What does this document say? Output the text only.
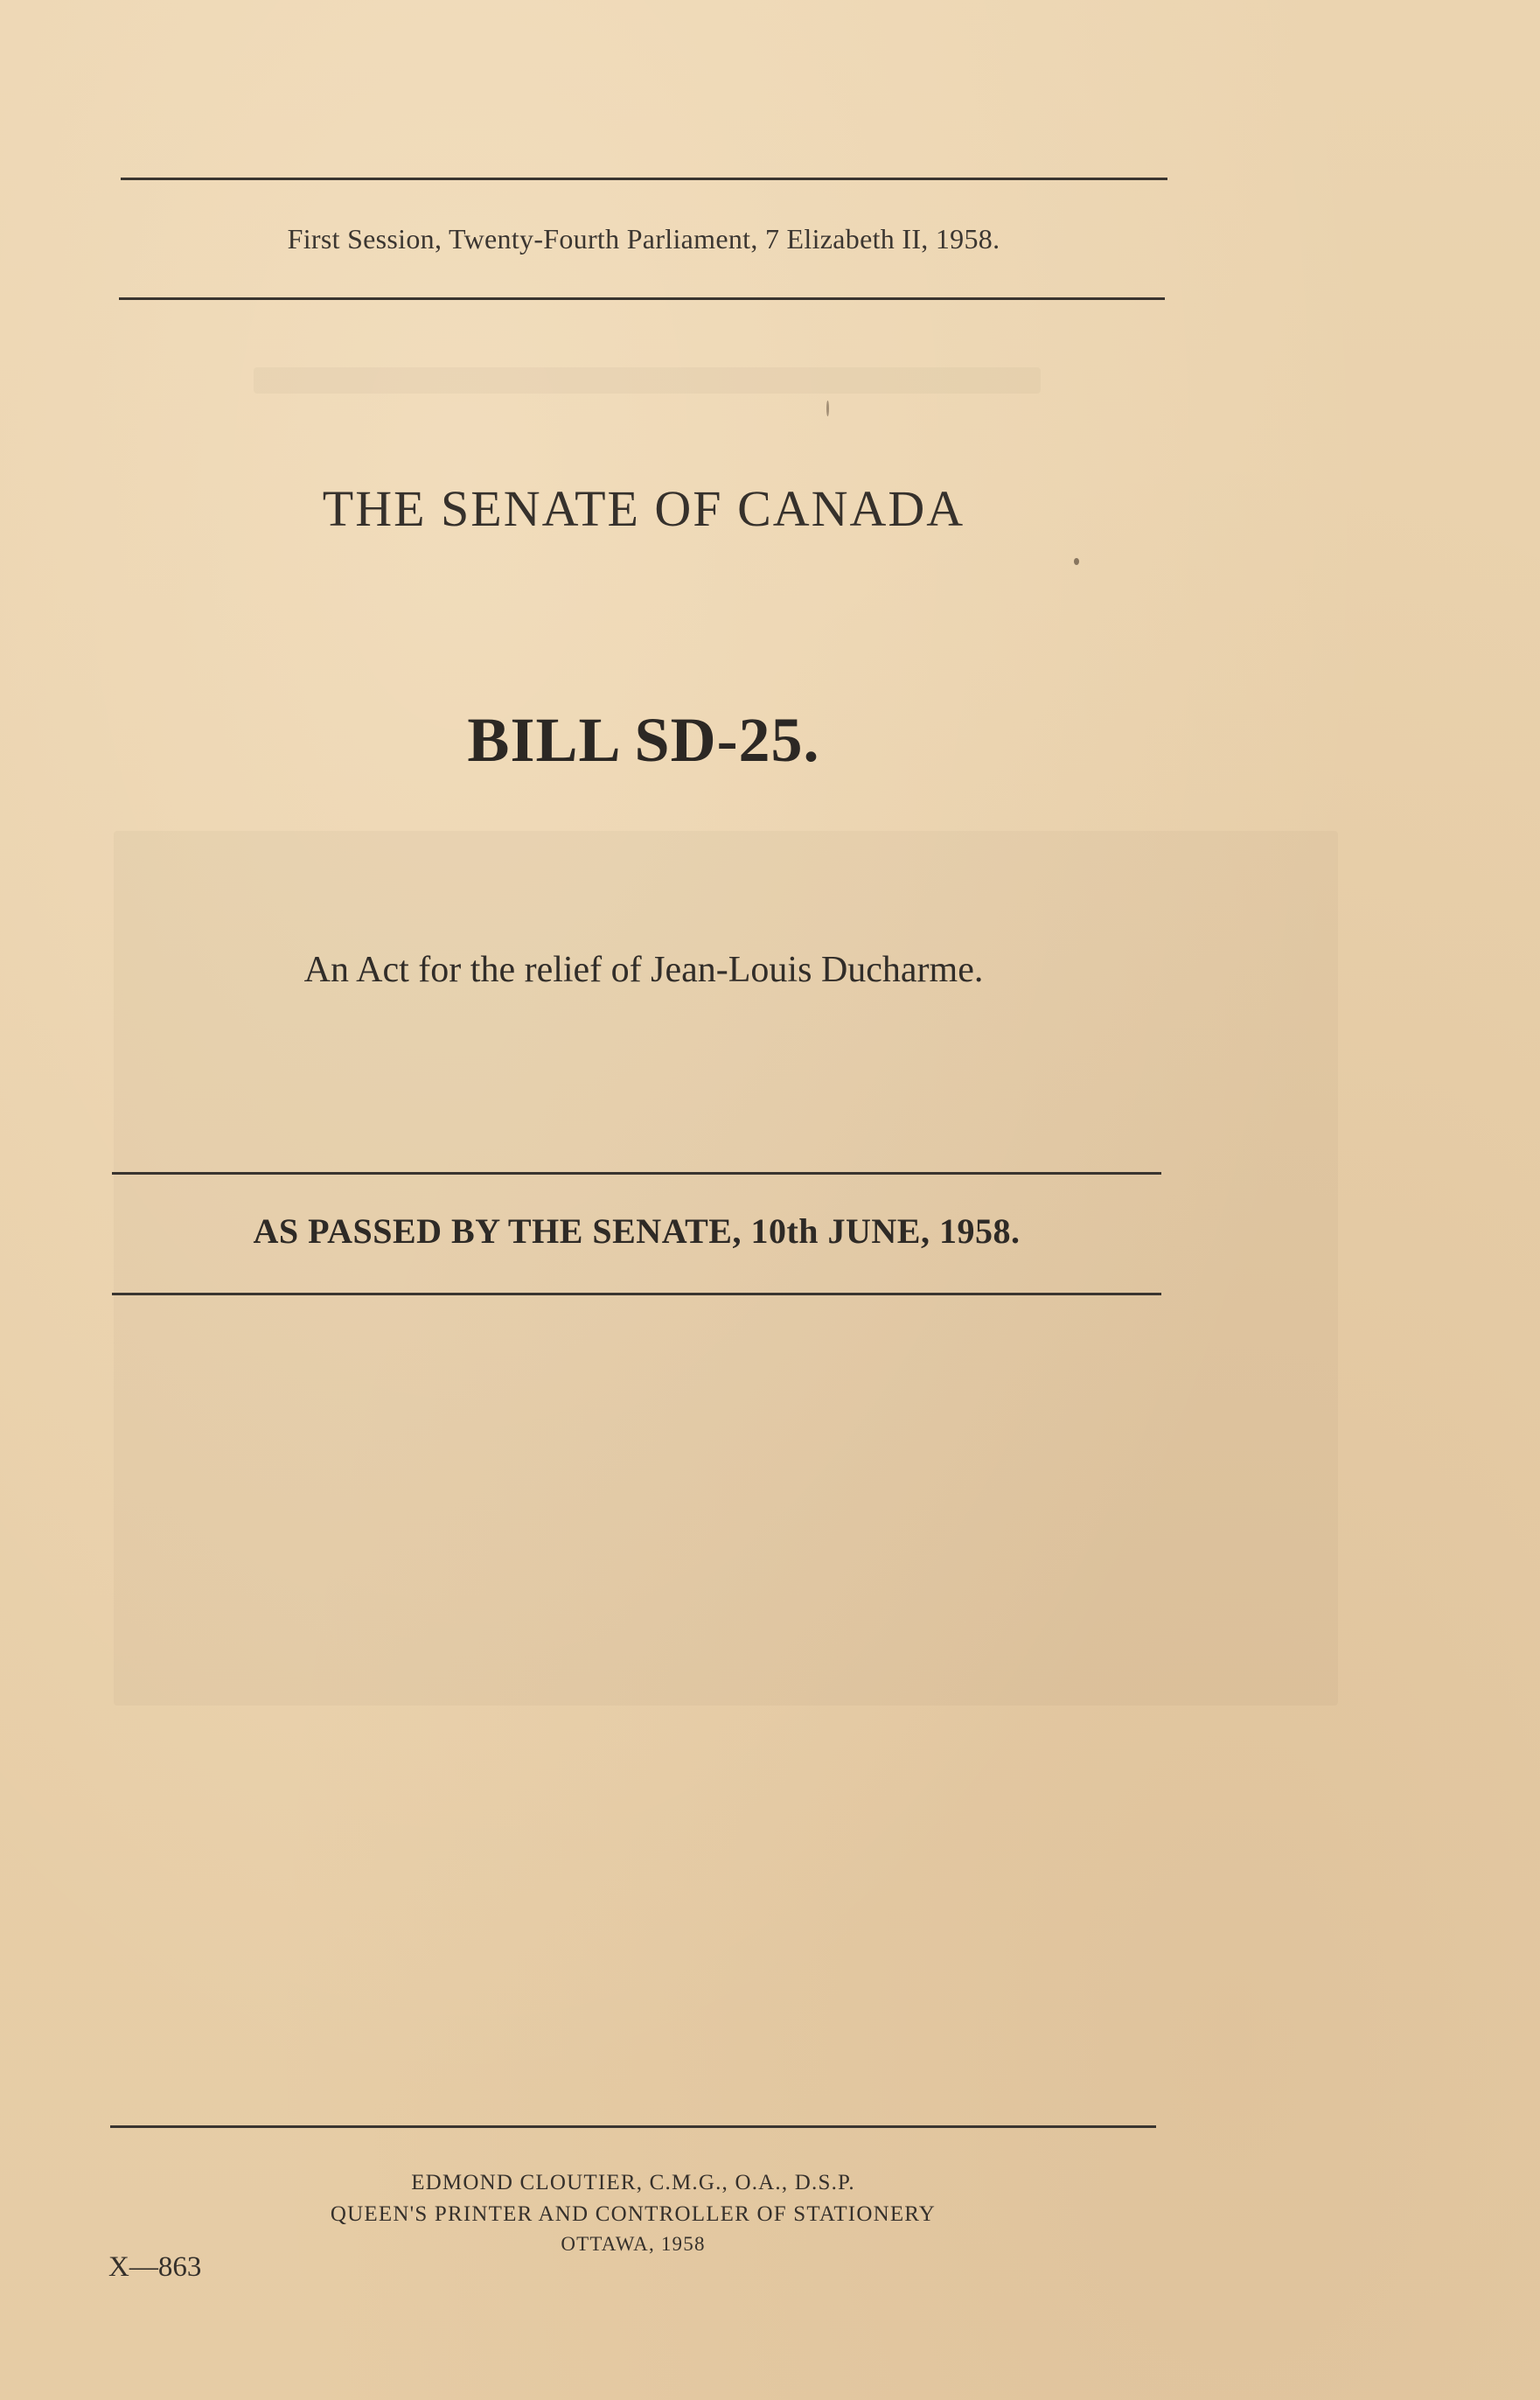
First Session, Twenty-Fourth Parliament, 7 Elizabeth II, 1958.
THE SENATE OF CANADA
BILL SD-25.
An Act for the relief of Jean-Louis Ducharme.
AS PASSED BY THE SENATE, 10th JUNE, 1958.
EDMOND CLOUTIER, C.M.G., O.A., D.S.P.
QUEEN'S PRINTER AND CONTROLLER OF STATIONERY
OTTAWA, 1958
X—863
